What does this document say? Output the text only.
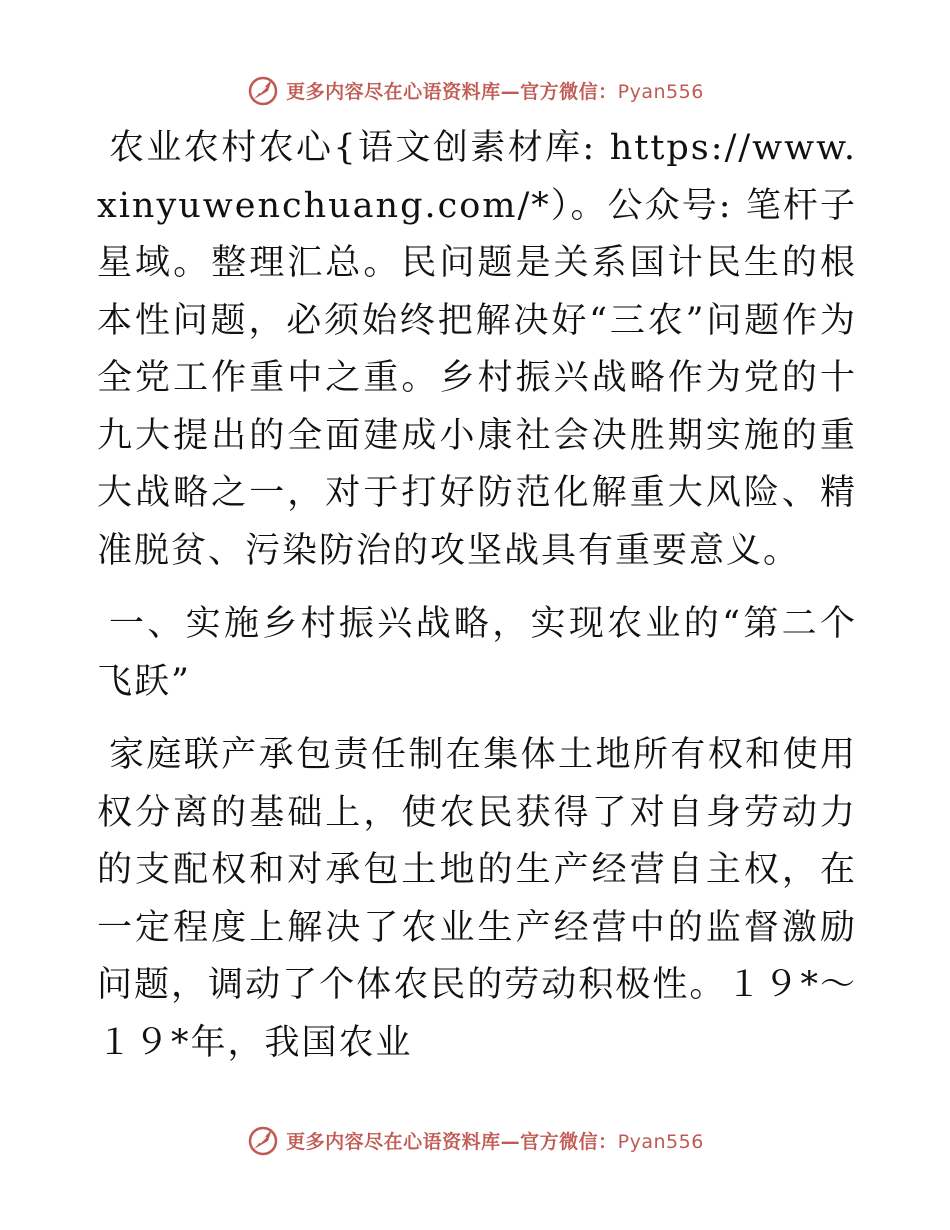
更多内容尽在心语资料库—官方微信：Pyan556

农业农村农心{语文创素材库: https://www.xinyuwenchuang.com/*）。公众号: 笔杆子星域。整理汇总。民问题是关系国计民生的根本性问题，必须始终把解决好“三农”问题作为全党工作重中之重。乡村振兴战略作为党的十九大提出的全面建成小康社会决胜期实施的重大战略之一，对于打好防范化解重大风险、精准脱贫、污染防治的攻坚战具有重要意义。

一、实施乡村振兴战略，实现农业的“第二个飞跃”

家庭联产承包责任制在集体土地所有权和使用权分离的基础上，使农民获得了对自身劳动力的支配权和对承包土地的生产经营自主权，在一定程度上解决了农业生产经营中的监督激励问题，调动了个体农民的劳动积极性。１９*～１９*年，我国农业

更多内容尽在心语资料库—官方微信：Pyan556
